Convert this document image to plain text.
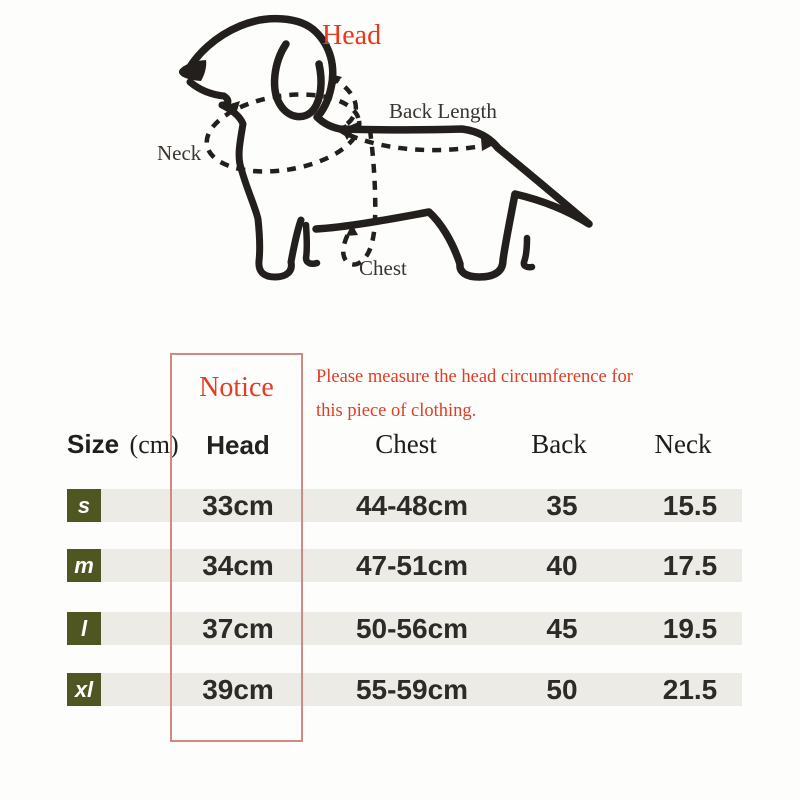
Head
Back Length
Neck
Chest
Notice	Please measure the head circumference for
this piece of clothing.
Size (cm)	Head	Chest	Back	Neck
s	33cm	44-48cm	35	15.5
m	34cm	47-51cm	40	17.5
l	37cm	50-56cm	45	19.5
xl	39cm	55-59cm	50	21.5
